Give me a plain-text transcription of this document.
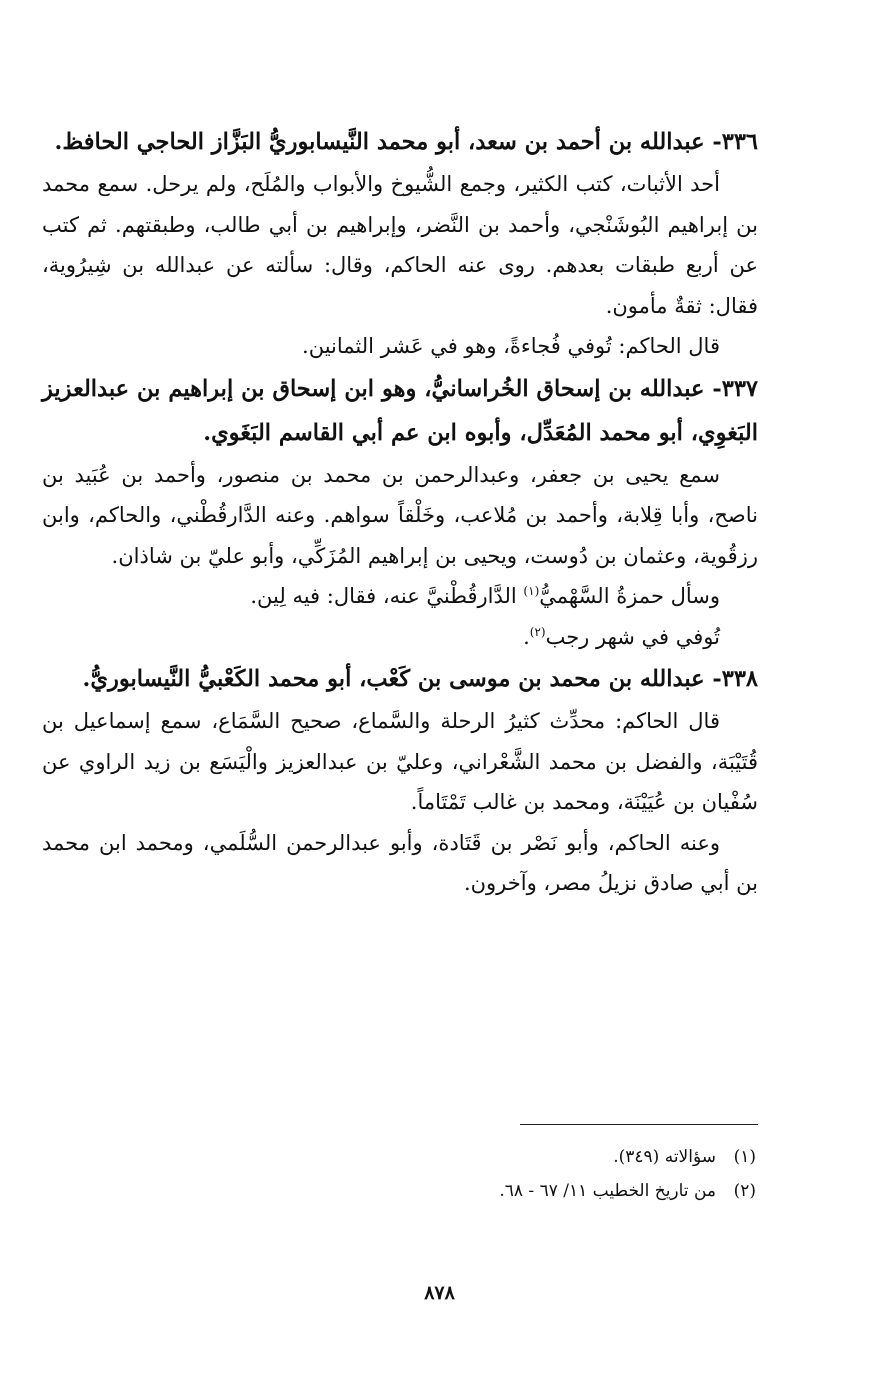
٣٣٦- عبدالله بن أحمد بن سعد، أبو محمد النَّيسابوريُّ البَزَّاز الحاجي الحافظ.

أحد الأثبات، كتب الكثير، وجمع الشُّيوخ والأبواب والمُلَح، ولم يرحل. سمع محمد بن إبراهيم البُوشَنْجي، وأحمد بن النَّضر، وإبراهيم بن أبي طالب، وطبقتهم. ثم كتب عن أربع طبقات بعدهم. روى عنه الحاكم، وقال: سألته عن عبدالله بن شِيرُوية، فقال: ثقةٌ مأمون.

قال الحاكم: تُوفي فُجاءةً، وهو في عَشر الثمانين.

٣٣٧- عبدالله بن إسحاق الخُراسانيُّ، وهو ابن إسحاق بن إبراهيم بن عبدالعزيز البَغوِي، أبو محمد المُعَدِّل، وأبوه ابن عم أبي القاسم البَغَوي.

سمع يحيى بن جعفر، وعبدالرحمن بن محمد بن منصور، وأحمد بن عُبَيد بن ناصح، وأبا قِلابة، وأحمد بن مُلاعب، وخَلْقاً سواهم. وعنه الدَّارقُطْني، والحاكم، وابن رزقُوية، وعثمان بن دُوست، ويحيى بن إبراهيم المُزَكِّي، وأبو عليّ بن شاذان.

وسأل حمزةُ السَّهْميُّ$^{(١)}$ الدَّارقُطْنيَّ عنه، فقال: فيه لِين.

تُوفي في شهر رجب$^{(٢)}$.

٣٣٨- عبدالله بن محمد بن موسى بن كَعْب، أبو محمد الكَعْبيُّ النَّيسابوريُّ.

قال الحاكم: محدِّث كثيرُ الرحلة والسَّماع، صحيح السَّمَاع، سمع إسماعيل بن قُتَيْبَة، والفضل بن محمد الشَّعْراني، وعليّ بن عبدالعزيز والْيَسَع بن زيد الراوي عن سُفْيان بن عُيَيْنَة، ومحمد بن غالب تَمْتَاماً.

وعنه الحاكم، وأبو نَصْر بن قَتَادة، وأبو عبدالرحمن السُّلَمي، ومحمد ابن محمد بن أبي صادق نزيلُ مصر، وآخرون.

(١)سؤالاته (٣٤٩).

(٢)من تاريخ الخطيب ١١/ ٦٧ - ٦٨.

٨٧٨
